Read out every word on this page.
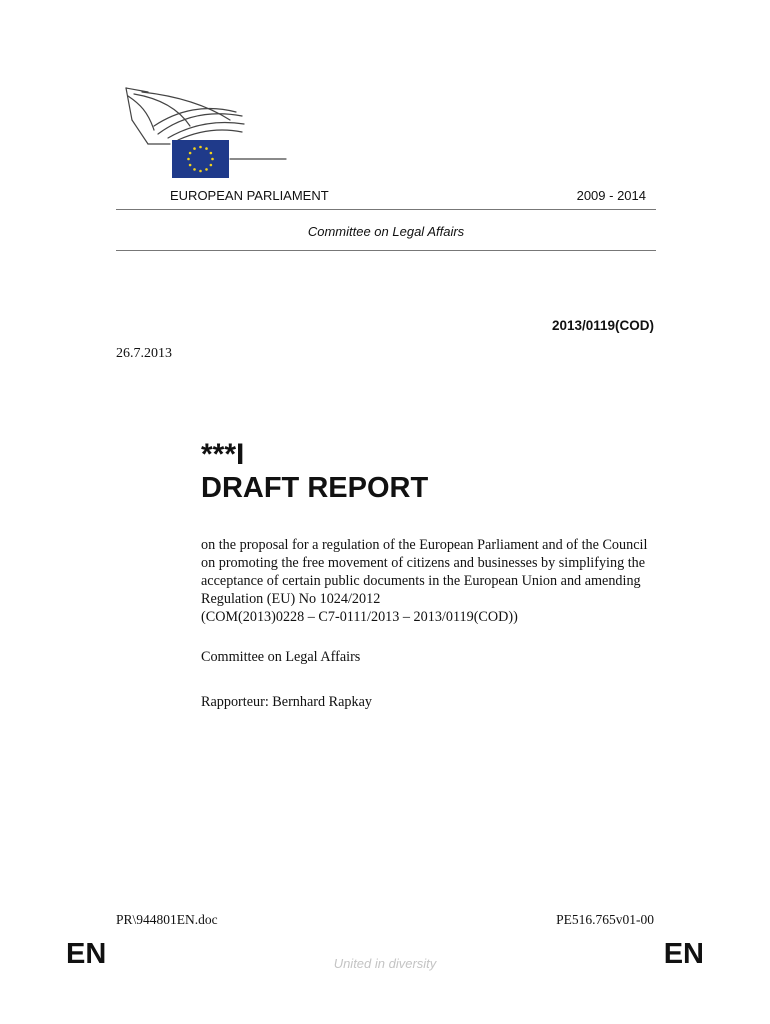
EUROPEAN PARLIAMENT	2009 - 2014
Committee on Legal Affairs
2013/0119(COD)
26.7.2013
***I
DRAFT REPORT
on the proposal for a regulation of the European Parliament and of the Council
on promoting the free movement of citizens and businesses by simplifying the
acceptance of certain public documents in the European Union and amending
Regulation (EU) No 1024/2012
(COM(2013)0228 – C7-0111/2013 – 2013/0119(COD))
Committee on Legal Affairs
Rapporteur: Bernhard Rapkay
PR\944801EN.doc	PE516.765v01-00
EN	United in diversity	EN
